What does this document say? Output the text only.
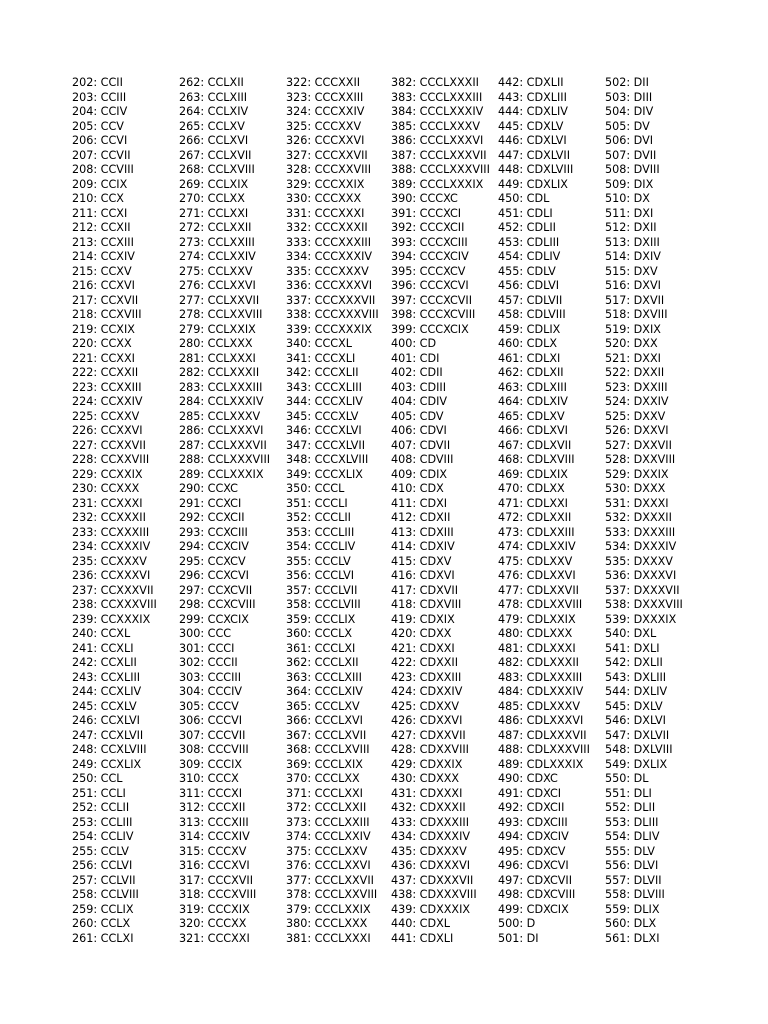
202: CCII
203: CCIII
204: CCIV
205: CCV
206: CCVI
207: CCVII
208: CCVIII
209: CCIX
210: CCX
211: CCXI
212: CCXII
213: CCXIII
214: CCXIV
215: CCXV
216: CCXVI
217: CCXVII
218: CCXVIII
219: CCXIX
220: CCXX
221: CCXXI
222: CCXXII
223: CCXXIII
224: CCXXIV
225: CCXXV
226: CCXXVI
227: CCXXVII
228: CCXXVIII
229: CCXXIX
230: CCXXX
231: CCXXXI
232: CCXXXII
233: CCXXXIII
234: CCXXXIV
235: CCXXXV
236: CCXXXVI
237: CCXXXVII
238: CCXXXVIII
239: CCXXXIX
240: CCXL
241: CCXLI
242: CCXLII
243: CCXLIII
244: CCXLIV
245: CCXLV
246: CCXLVI
247: CCXLVII
248: CCXLVIII
249: CCXLIX
250: CCL
251: CCLI
252: CCLII
253: CCLIII
254: CCLIV
255: CCLV
256: CCLVI
257: CCLVII
258: CCLVIII
259: CCLIX
260: CCLX
261: CCLXI
262: CCLXII
263: CCLXIII
264: CCLXIV
265: CCLXV
266: CCLXVI
267: CCLXVII
268: CCLXVIII
269: CCLXIX
270: CCLXX
271: CCLXXI
272: CCLXXII
273: CCLXXIII
274: CCLXXIV
275: CCLXXV
276: CCLXXVI
277: CCLXXVII
278: CCLXXVIII
279: CCLXXIX
280: CCLXXX
281: CCLXXXI
282: CCLXXXII
283: CCLXXXIII
284: CCLXXXIV
285: CCLXXXV
286: CCLXXXVI
287: CCLXXXVII
288: CCLXXXVIII
289: CCLXXXIX
290: CCXC
291: CCXCI
292: CCXCII
293: CCXCIII
294: CCXCIV
295: CCXCV
296: CCXCVI
297: CCXCVII
298: CCXCVIII
299: CCXCIX
300: CCC
301: CCCI
302: CCCII
303: CCCIII
304: CCCIV
305: CCCV
306: CCCVI
307: CCCVII
308: CCCVIII
309: CCCIX
310: CCCX
311: CCCXI
312: CCCXII
313: CCCXIII
314: CCCXIV
315: CCCXV
316: CCCXVI
317: CCCXVII
318: CCCXVIII
319: CCCXIX
320: CCCXX
321: CCCXXI
322: CCCXXII
323: CCCXXIII
324: CCCXXIV
325: CCCXXV
326: CCCXXVI
327: CCCXXVII
328: CCCXXVIII
329: CCCXXIX
330: CCCXXX
331: CCCXXXI
332: CCCXXXII
333: CCCXXXIII
334: CCCXXXIV
335: CCCXXXV
336: CCCXXXVI
337: CCCXXXVII
338: CCCXXXVIII
339: CCCXXXIX
340: CCCXL
341: CCCXLI
342: CCCXLII
343: CCCXLIII
344: CCCXLIV
345: CCCXLV
346: CCCXLVI
347: CCCXLVII
348: CCCXLVIII
349: CCCXLIX
350: CCCL
351: CCCLI
352: CCCLII
353: CCCLIII
354: CCCLIV
355: CCCLV
356: CCCLVI
357: CCCLVII
358: CCCLVIII
359: CCCLIX
360: CCCLX
361: CCCLXI
362: CCCLXII
363: CCCLXIII
364: CCCLXIV
365: CCCLXV
366: CCCLXVI
367: CCCLXVII
368: CCCLXVIII
369: CCCLXIX
370: CCCLXX
371: CCCLXXI
372: CCCLXXII
373: CCCLXXIII
374: CCCLXXIV
375: CCCLXXV
376: CCCLXXVI
377: CCCLXXVII
378: CCCLXXVIII
379: CCCLXXIX
380: CCCLXXX
381: CCCLXXXI
382: CCCLXXXII
383: CCCLXXXIII
384: CCCLXXXIV
385: CCCLXXXV
386: CCCLXXXVI
387: CCCLXXXVII
388: CCCLXXXVIII
389: CCCLXXXIX
390: CCCXC
391: CCCXCI
392: CCCXCII
393: CCCXCIII
394: CCCXCIV
395: CCCXCV
396: CCCXCVI
397: CCCXCVII
398: CCCXCVIII
399: CCCXCIX
400: CD
401: CDI
402: CDII
403: CDIII
404: CDIV
405: CDV
406: CDVI
407: CDVII
408: CDVIII
409: CDIX
410: CDX
411: CDXI
412: CDXII
413: CDXIII
414: CDXIV
415: CDXV
416: CDXVI
417: CDXVII
418: CDXVIII
419: CDXIX
420: CDXX
421: CDXXI
422: CDXXII
423: CDXXIII
424: CDXXIV
425: CDXXV
426: CDXXVI
427: CDXXVII
428: CDXXVIII
429: CDXXIX
430: CDXXX
431: CDXXXI
432: CDXXXII
433: CDXXXIII
434: CDXXXIV
435: CDXXXV
436: CDXXXVI
437: CDXXXVII
438: CDXXXVIII
439: CDXXXIX
440: CDXL
441: CDXLI
442: CDXLII
443: CDXLIII
444: CDXLIV
445: CDXLV
446: CDXLVI
447: CDXLVII
448: CDXLVIII
449: CDXLIX
450: CDL
451: CDLI
452: CDLII
453: CDLIII
454: CDLIV
455: CDLV
456: CDLVI
457: CDLVII
458: CDLVIII
459: CDLIX
460: CDLX
461: CDLXI
462: CDLXII
463: CDLXIII
464: CDLXIV
465: CDLXV
466: CDLXVI
467: CDLXVII
468: CDLXVIII
469: CDLXIX
470: CDLXX
471: CDLXXI
472: CDLXXII
473: CDLXXIII
474: CDLXXIV
475: CDLXXV
476: CDLXXVI
477: CDLXXVII
478: CDLXXVIII
479: CDLXXIX
480: CDLXXX
481: CDLXXXI
482: CDLXXXII
483: CDLXXXIII
484: CDLXXXIV
485: CDLXXXV
486: CDLXXXVI
487: CDLXXXVII
488: CDLXXXVIII
489: CDLXXXIX
490: CDXC
491: CDXCI
492: CDXCII
493: CDXCIII
494: CDXCIV
495: CDXCV
496: CDXCVI
497: CDXCVII
498: CDXCVIII
499: CDXCIX
500: D
501: DI
502: DII
503: DIII
504: DIV
505: DV
506: DVI
507: DVII
508: DVIII
509: DIX
510: DX
511: DXI
512: DXII
513: DXIII
514: DXIV
515: DXV
516: DXVI
517: DXVII
518: DXVIII
519: DXIX
520: DXX
521: DXXI
522: DXXII
523: DXXIII
524: DXXIV
525: DXXV
526: DXXVI
527: DXXVII
528: DXXVIII
529: DXXIX
530: DXXX
531: DXXXI
532: DXXXII
533: DXXXIII
534: DXXXIV
535: DXXXV
536: DXXXVI
537: DXXXVII
538: DXXXVIII
539: DXXXIX
540: DXL
541: DXLI
542: DXLII
543: DXLIII
544: DXLIV
545: DXLV
546: DXLVI
547: DXLVII
548: DXLVIII
549: DXLIX
550: DL
551: DLI
552: DLII
553: DLIII
554: DLIV
555: DLV
556: DLVI
557: DLVII
558: DLVIII
559: DLIX
560: DLX
561: DLXI
